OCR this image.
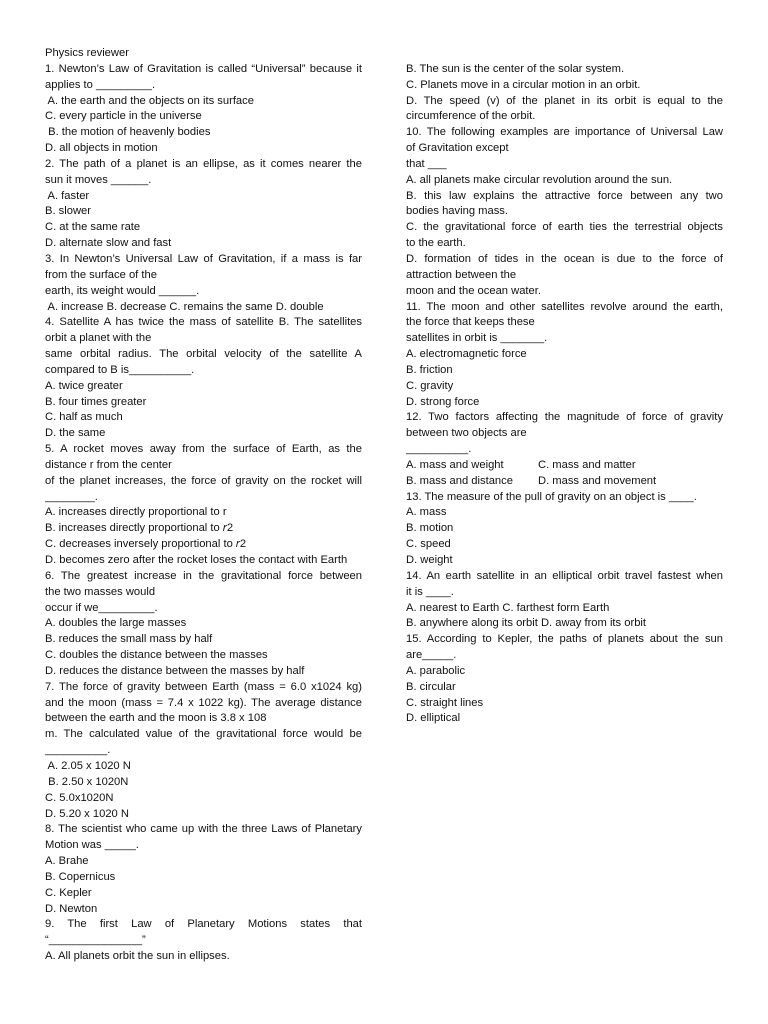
Physics reviewer
1. Newton’s Law of Gravitation is called “Universal” because it
applies to _________.
A. the earth and the objects on its surface
C. every particle in the universe
B. the motion of heavenly bodies
D. all objects in motion
2. The path of a planet is an ellipse, as it comes nearer the
sun it moves ______.
A. faster
B. slower
C. at the same rate
D. alternate slow and fast
3. In Newton’s Universal Law of Gravitation, if a mass is far
from the surface of the
earth, its weight would ______.
A. increase B. decrease C. remains the same D. double
4. Satellite A has twice the mass of satellite B. The satellites
orbit a planet with the
same orbital radius. The orbital velocity of the satellite A
compared to B is__________.
A. twice greater
B. four times greater
C. half as much
D. the same
5. A rocket moves away from the surface of Earth, as the
distance r from the center
of the planet increases, the force of gravity on the rocket will
________.
A. increases directly proportional to r
B. increases directly proportional to 𝑟2
C. decreases inversely proportional to 𝑟2
D. becomes zero after the rocket loses the contact with Earth
6. The greatest increase in the gravitational force between
the two masses would
occur if we_________.
A. doubles the large masses
B. reduces the small mass by half
C. doubles the distance between the masses
D. reduces the distance between the masses by half
7. The force of gravity between Earth (mass = 6.0 x1024 kg)
and the moon (mass = 7.4 x 1022 kg). The average distance
between the earth and the moon is 3.8 x 108
m. The calculated value of the gravitational force would be
__________.
A. 2.05 x 1020 N
B. 2.50 x 1020N
C. 5.0x1020N
D. 5.20 x 1020 N
8. The scientist who came up with the three Laws of Planetary
Motion was _____.
A. Brahe
B. Copernicus
C. Kepler
D. Newton
9. The first Law of Planetary Motions states that
“_______________”
A. All planets orbit the sun in ellipses.
B. The sun is the center of the solar system.
C. Planets move in a circular motion in an orbit.
D. The speed (v) of the planet in its orbit is equal to the
circumference of the orbit.
10. The following examples are importance of Universal Law
of Gravitation except
that ___
A. all planets make circular revolution around the sun.
B. this law explains the attractive force between any two
bodies having mass.
C. the gravitational force of earth ties the terrestrial objects
to the earth.
D. formation of tides in the ocean is due to the force of
attraction between the
moon and the ocean water.
11. The moon and other satellites revolve around the earth,
the force that keeps these
satellites in orbit is _______.
A. electromagnetic force
B. friction
C. gravity
D. strong force
12. Two factors affecting the magnitude of force of gravity
between two objects are
__________.
A. mass and weight	C. mass and matter
B. mass and distance	D. mass and movement
13. The measure of the pull of gravity on an object is ____.
A. mass
B. motion
C. speed
D. weight
14. An earth satellite in an elliptical orbit travel fastest when
it is ____.
A. nearest to Earth C. farthest form Earth
B. anywhere along its orbit D. away from its orbit
15. According to Kepler, the paths of planets about the sun
are_____.
A. parabolic
B. circular
C. straight lines
D. elliptical
